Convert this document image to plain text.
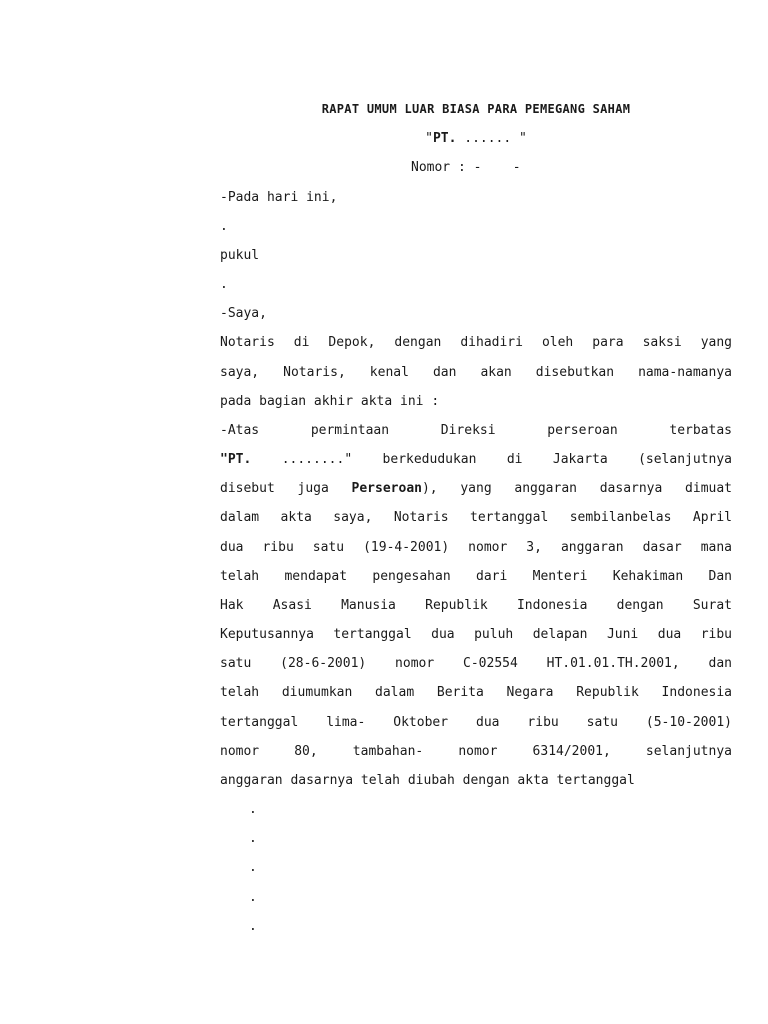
RAPAT UMUM LUAR BIASA PARA PEMEGANG SAHAM

"PT. ...... "

Nomor : -    -

-Pada hari ini,

.

pukul

.

-Saya,

Notaris di Depok, dengan dihadiri oleh para saksi yang

saya, Notaris, kenal dan akan disebutkan nama-namanya

pada bagian akhir akta ini :

-Atas permintaan Direksi perseroan terbatas

"PT. ........" berkedudukan di Jakarta (selanjutnya

disebut juga Perseroan), yang anggaran dasarnya dimuat

dalam akta saya, Notaris tertanggal sembilanbelas April

dua ribu satu (19-4-2001) nomor 3, anggaran dasar mana

telah mendapat pengesahan dari Menteri Kehakiman Dan

Hak Asasi Manusia Republik Indonesia dengan Surat

Keputusannya tertanggal dua puluh delapan Juni dua ribu

satu (28-6-2001) nomor C-02554 HT.01.01.TH.2001, dan

telah diumumkan dalam Berita Negara Republik Indonesia

tertanggal lima- Oktober dua ribu satu (5-10-2001)

nomor 80, tambahan- nomor 6314/2001, selanjutnya

anggaran dasarnya telah diubah dengan akta tertanggal

.

.

.

.

.
